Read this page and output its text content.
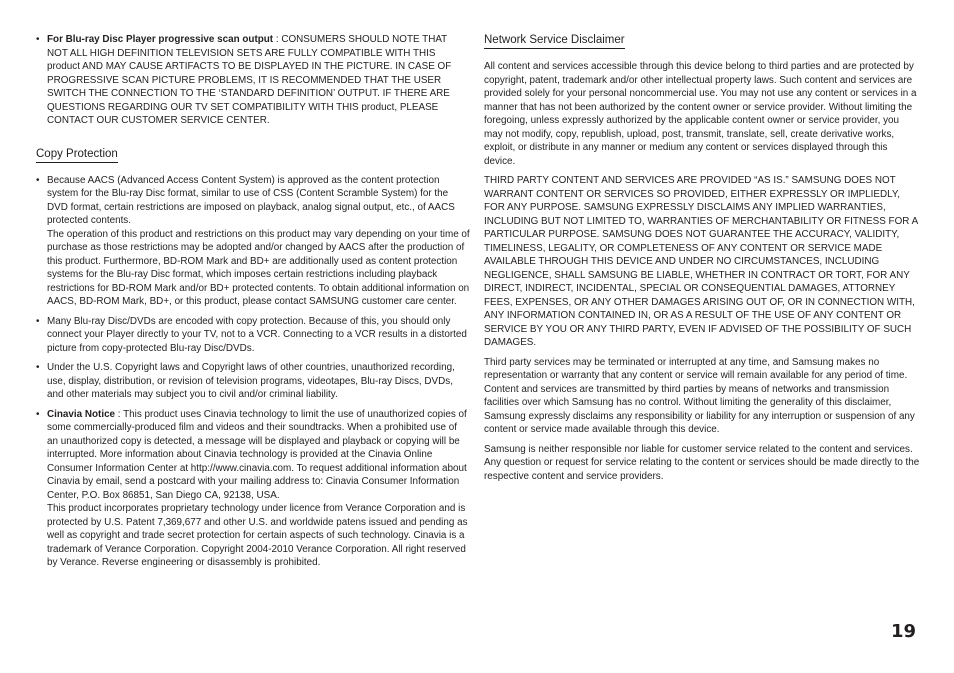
• For Blu-ray Disc Player progressive scan output : CONSUMERS SHOULD NOTE THAT NOT ALL HIGH DEFINITION TELEVISION SETS ARE FULLY COMPATIBLE WITH THIS product AND MAY CAUSE ARTIFACTS TO BE DISPLAYED IN THE PICTURE. IN CASE OF PROGRESSIVE SCAN PICTURE PROBLEMS, IT IS RECOMMENDED THAT THE USER SWITCH THE CONNECTION TO THE ‘STANDARD DEFINITION’ OUTPUT. IF THERE ARE QUESTIONS REGARDING OUR TV SET COMPATIBILITY WITH THIS product, PLEASE CONTACT OUR CUSTOMER SERVICE CENTER.

Copy Protection

• Because AACS (Advanced Access Content System) is approved as the content protection system for the Blu-ray Disc format, similar to use of CSS (Content Scramble System) for the DVD format, certain restrictions are imposed on playback, analog signal output, etc., of AACS protected contents.

The operation of this product and restrictions on this product may vary depending on your time of purchase as those restrictions may be adopted and/or changed by AACS after the production of this product. Furthermore, BD-ROM Mark and BD+ are additionally used as content protection systems for the Blu-ray Disc format, which imposes certain restrictions including playback restrictions for BD-ROM Mark and/or BD+ protected contents. To obtain additional information on AACS, BD-ROM Mark, BD+, or this product, please contact SAMSUNG customer care center.

• Many Blu-ray Disc/DVDs are encoded with copy protection. Because of this, you should only connect your Player directly to your TV, not to a VCR. Connecting to a VCR results in a distorted picture from copy-protected Blu-ray Disc/DVDs.

• Under the U.S. Copyright laws and Copyright laws of other countries, unauthorized recording, use, display, distribution, or revision of television programs, videotapes, Blu-ray Discs, DVDs, and other materials may subject you to civil and/or criminal liability.

• Cinavia Notice : This product uses Cinavia technology to limit the use of unauthorized copies of some commercially-produced film and videos and their soundtracks. When a prohibited use of an unauthorized copy is detected, a message will be displayed and playback or copying will be interrupted. More information about Cinavia technology is provided at the Cinavia Online Consumer Information Center at http://www.cinavia.com. To request additional information about Cinavia by email, send a postcard with your mailing address to: Cinavia Consumer Information Center, P.O. Box 86851, San Diego CA, 92138, USA.

This product incorporates proprietary technology under licence from Verance Corporation and is protected by U.S. Patent 7,369,677 and other U.S. and worldwide patens issued and pending as well as copyright and trade secret protection for certain aspects of such technology. Cinavia is a trademark of Verance Corporation. Copyright 2004-2010 Verance Corporation. All right reserved by Verance. Reverse engineering or disassembly is prohibited.

Network Service Disclaimer

All content and services accessible through this device belong to third parties and are protected by copyright, patent, trademark and/or other intellectual property laws. Such content and services are provided solely for your personal noncommercial use. You may not use any content or services in a manner that has not been authorized by the content owner or service provider. Without limiting the foregoing, unless expressly authorized by the applicable content owner or service provider, you may not modify, copy, republish, upload, post, transmit, translate, sell, create derivative works, exploit, or distribute in any manner or medium any content or services displayed through this device.

THIRD PARTY CONTENT AND SERVICES ARE PROVIDED “AS IS.” SAMSUNG DOES NOT WARRANT CONTENT OR SERVICES SO PROVIDED, EITHER EXPRESSLY OR IMPLIEDLY, FOR ANY PURPOSE. SAMSUNG EXPRESSLY DISCLAIMS ANY IMPLIED WARRANTIES, INCLUDING BUT NOT LIMITED TO, WARRANTIES OF MERCHANTABILITY OR FITNESS FOR A PARTICULAR PURPOSE. SAMSUNG DOES NOT GUARANTEE THE ACCURACY, VALIDITY, TIMELINESS, LEGALITY, OR COMPLETENESS OF ANY CONTENT OR SERVICE MADE AVAILABLE THROUGH THIS DEVICE AND UNDER NO CIRCUMSTANCES, INCLUDING NEGLIGENCE, SHALL SAMSUNG BE LIABLE, WHETHER IN CONTRACT OR TORT, FOR ANY DIRECT, INDIRECT, INCIDENTAL, SPECIAL OR CONSEQUENTIAL DAMAGES, ATTORNEY FEES, EXPENSES, OR ANY OTHER DAMAGES ARISING OUT OF, OR IN CONNECTION WITH, ANY INFORMATION CONTAINED IN, OR AS A RESULT OF THE USE OF ANY CONTENT OR SERVICE BY YOU OR ANY THIRD PARTY, EVEN IF ADVISED OF THE POSSIBILITY OF SUCH DAMAGES.

Third party services may be terminated or interrupted at any time, and Samsung makes no representation or warranty that any content or service will remain available for any period of time. Content and services are transmitted by third parties by means of networks and transmission facilities over which Samsung has no control. Without limiting the generality of this disclaimer, Samsung expressly disclaims any responsibility or liability for any interruption or suspension of any content or service made available through this device.

Samsung is neither responsible nor liable for customer service related to the content and services. Any question or request for service relating to the content or services should be made directly to the respective content and service providers.

19
